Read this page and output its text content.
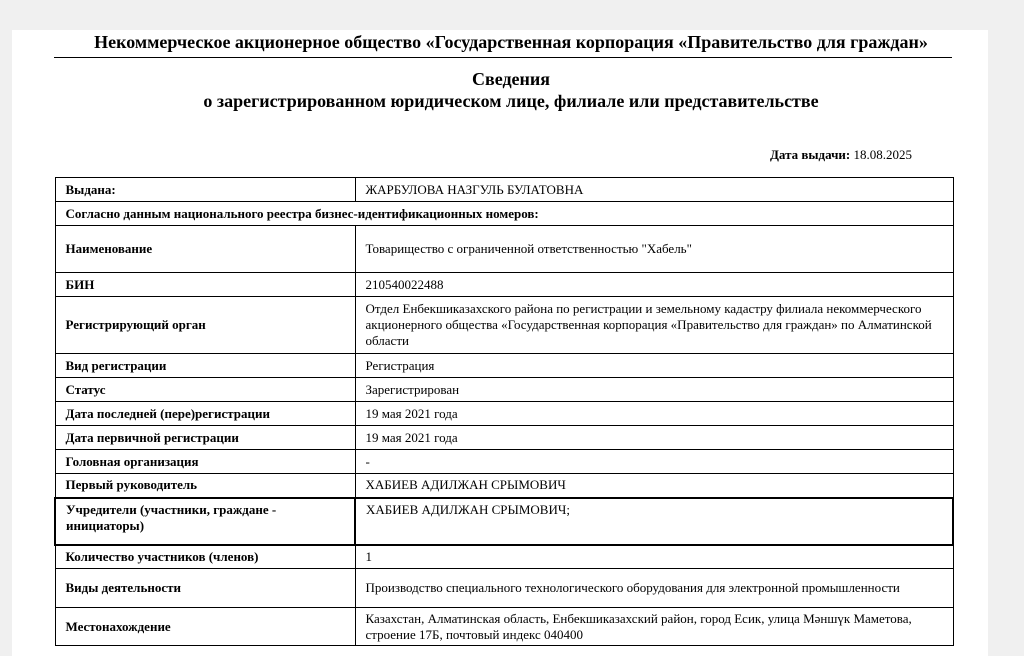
Некоммерческое акционерное общество «Государственная корпорация «Правительство для граждан»
Сведения
о зарегистрированном юридическом лице, филиале или представительстве
Дата выдачи: 18.08.2025
Выдана:	ЖАРБУЛОВА НАЗГУЛЬ БУЛАТОВНА
Согласно данным национального реестра бизнес-идентификационных номеров:	
Наименование	Товарищество с ограниченной ответственностью "Хабель"
БИН	210540022488
Регистрирующий орган	Отдел Енбекшиказахского района по регистрации и земельному кадастру филиала некоммерческого акционерного общества «Государственная корпорация «Правительство для граждан» по Алматинской области
Вид регистрации	Регистрация
Статус	Зарегистрирован
Дата последней (пере)регистрации	19 мая 2021 года
Дата первичной регистрации	19 мая 2021 года
Головная организация	-
Первый руководитель	ХАБИЕВ АДИЛЖАН СРЫМОВИЧ
Учредители (участники, граждане - инициаторы)	ХАБИЕВ АДИЛЖАН СРЫМОВИЧ;
Количество участников (членов)	1
Виды деятельности	Производство специального технологического оборудования для электронной промышленности
Местонахождение	Казахстан, Алматинская область, Енбекшиказахский район, город Есик, улица Мәншүк Маметова, строение 17Б, почтовый индекс 040400
